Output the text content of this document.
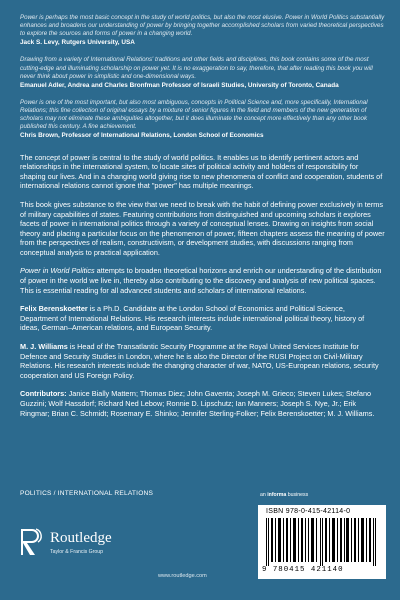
Power is perhaps the most basic concept in the study of world politics, but also the most elusive. Power in World Politics substantially enhances and broadens our understanding of power by bringing together accomplished scholars from varied theoretical perspectives to explore the sources and forms of power in a changing world.

Jack S. Levy, Rutgers University, USA

Drawing from a variety of International Relations' traditions and other fields and disciplines, this book contains some of the most cutting-edge and illuminating scholarship on power yet. It is no exaggeration to say, therefore, that after reading this book you will never think about power in simplistic and one-dimensional ways.

Emanuel Adler, Andrea and Charles Bronfman Professor of Israeli Studies, University of Toronto, Canada

Power is one of the most important, but also most ambiguous, concepts in Political Science and, more specifically, International Relations; this fine collection of original essays by a mixture of senior figures in the field and members of the new generation of scholars may not eliminate these ambiguities altogether, but it does illuminate the concept more effectively than any other book published this century. A fine achievement.

Chris Brown, Professor of International Relations, London School of Economics

The concept of power is central to the study of world politics. It enables us to identify pertinent actors and relationships in the international system, to locate sites of political activity and holders of responsibility for shaping our lives. And in a changing world giving rise to new phenomena of conflict and cooperation, students of international relations cannot ignore that "power" has multiple meanings.

This book gives substance to the view that we need to break with the habit of defining power exclusively in terms of military capabilities of states. Featuring contributions from distinguished and upcoming scholars it explores facets of power in international politics through a variety of conceptual lenses. Drawing on insights from social theory and placing a particular focus on the phenomenon of power, fifteen chapters assess the meaning of power from the perspectives of realism, constructivism, or development studies, with discussions ranging from conceptual analysis to practical application.

Power in World Politics attempts to broaden theoretical horizons and enrich our understanding of the distribution of power in the world we live in, thereby also contributing to the discovery and analysis of new political spaces. This is essential reading for all advanced students and scholars of international relations.

Felix Berenskoetter is a Ph.D. Candidate at the London School of Economics and Political Science, Department of International Relations. His research interests include international political theory, history of ideas, German–American relations, and European Security.

M. J. Williams is Head of the Transatlantic Security Programme at the Royal United Services Institute for Defence and Security Studies in London, where he is also the Director of the RUSI Project on Civil-Military Relations. His research interests include the changing character of war, NATO, US-European relations, security cooperation and US Foreign Policy.

Contributors: Janice Bially Mattern; Thomas Diez; John Gaventa; Joseph M. Grieco; Steven Lukes; Stefano Guzzini; Wolf Hassdorf; Richard Ned Lebow; Ronnie D. Lipschutz; Ian Manners; Joseph S. Nye, Jr.; Erik Ringmar; Brian C. Schmidt; Rosemary E. Shinko; Jennifer Sterling-Folker; Felix Berenskoetter; M. J. Williams.

POLITICS / INTERNATIONAL RELATIONS
Routledge
Taylor & Francis Group
www.routledge.com
an informa business
ISBN 978-0-415-42114-0
9 780415 421140
